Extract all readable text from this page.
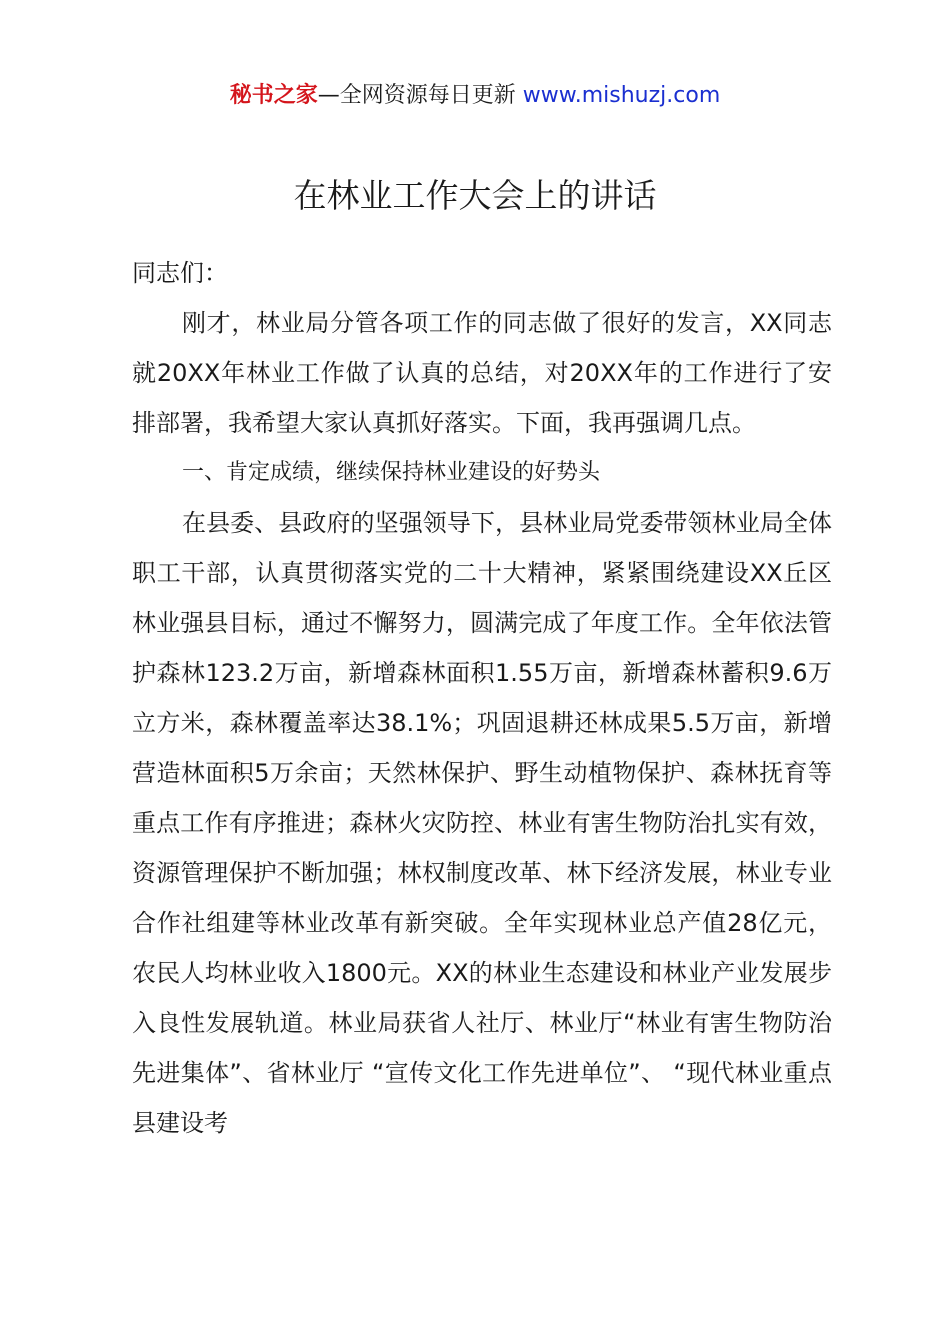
秘书之家—全网资源每日更新 www.mishuzj.com
在林业工作大会上的讲话

同志们：

刚才，林业局分管各项工作的同志做了很好的发言，XX同志就20XX年林业工作做了认真的总结，对20XX年的工作进行了安排部署，我希望大家认真抓好落实。下面，我再强调几点。

一、肯定成绩，继续保持林业建设的好势头

在县委、县政府的坚强领导下，县林业局党委带领林业局全体职工干部，认真贯彻落实党的二十大精神，紧紧围绕建设XX丘区林业强县目标，通过不懈努力，圆满完成了年度工作。全年依法管护森林123.2万亩，新增森林面积1.55万亩，新增森林蓄积9.6万立方米，森林覆盖率达38.1%；巩固退耕还林成果5.5万亩，新增营造林面积5万余亩；天然林保护、野生动植物保护、森林抚育等重点工作有序推进；森林火灾防控、林业有害生物防治扎实有效，资源管理保护不断加强；林权制度改革、林下经济发展，林业专业合作社组建等林业改革有新突破。全年实现林业总产值28亿元，农民人均林业收入1800元。XX的林业生态建设和林业产业发展步入良性发展轨道。林业局获省人社厅、林业厅“林业有害生物防治先进集体”、省林业厅 “宣传文化工作先进单位”、 “现代林业重点县建设考
